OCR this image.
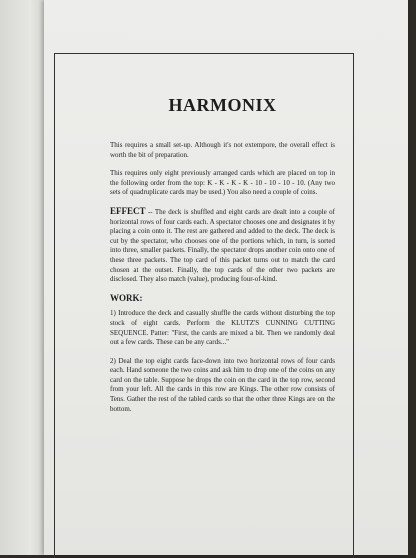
HARMONIX

This requires a small set-up. Although it's not extempore, the overall effect is worth the bit of preparation.

This requires only eight previously arranged cards which are placed on top in the following order from the top: K - K - K - K - 10 - 10 - 10 - 10. (Any two sets of quadruplicate cards may be used.) You also need a couple of coins.

EFFECT -- The deck is shuffled and eight cards are dealt into a couple of horizontal rows of four cards each. A spectator chooses one and designates it by placing a coin onto it. The rest are gathered and added to the deck. The deck is cut by the spectator, who chooses one of the portions which, in turn, is sorted into three, smaller packets. Finally, the spectator drops another coin onto one of these three packets. The top card of this packet turns out to match the card chosen at the outset. Finally, the top cards of the other two packets are disclosed. They also match (value), producing four-of-kind.

WORK:

1) Introduce the deck and casually shuffle the cards without disturbing the top stock of eight cards. Perform the KLUTZ'S CUNNING CUTTING SEQUENCE. Patter: "First, the cards are mixed a bit. Then we randomly deal out a few cards. These can be any cards..."

2) Deal the top eight cards face-down into two horizontal rows of four cards each. Hand someone the two coins and ask him to drop one of the coins on any card on the table. Suppose he drops the coin on the card in the top row, second from your left. All the cards in this row are Kings. The other row consists of Tens. Gather the rest of the tabled cards so that the other three Kings are on the bottom.
